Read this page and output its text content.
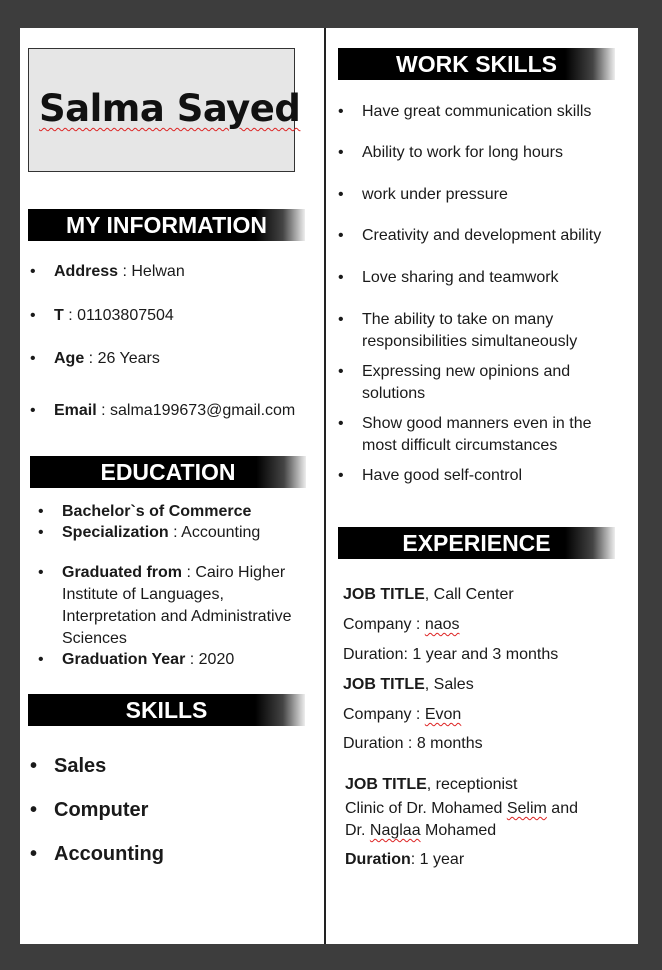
Salma Sayed
MY INFORMATION
• Address : Helwan
• T : 01103807504
• Age : 26 Years
• Email : salma199673@gmail.com
EDUCATION
• Bachelor`s of Commerce
• Specialization : Accounting
• Graduated from : Cairo Higher
Institute of Languages,
Interpretation and Administrative
Sciences
• Graduation Year : 2020
SKILLS
• Sales
• Computer
• Accounting
WORK SKILLS
• Have great communication skills
• Ability to work for long hours
• work under pressure
• Creativity and development ability
• Love sharing and teamwork
• The ability to take on many
responsibilities simultaneously
• Expressing new opinions and
solutions
• Show good manners even in the
most difficult circumstances
• Have good self-control
EXPERIENCE
JOB TITLE, Call Center
Company : naos
Duration: 1 year and 3 months
JOB TITLE, Sales
Company : Evon
Duration : 8 months
JOB TITLE, receptionist
Clinic of Dr. Mohamed Selim and
Dr. Naglaa Mohamed
Duration: 1 year
